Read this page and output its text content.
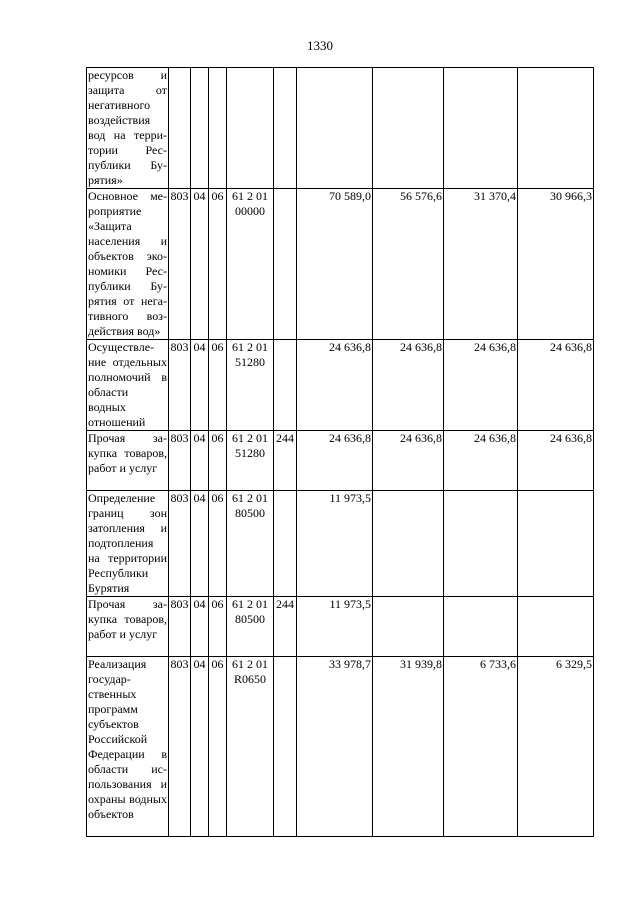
1330
ресурсов и защита от негативного воздействия вод на территории Республики Бурятия»									
Основное мероприятие «Защита населения и объектов экономики Республики Бурятия от негативного воздействия вод»	803	04	06	61 2 01 00000		70 589,0	56 576,6	31 370,4	30 966,3
Осуществление отдельных полномочий в области водных отношений	803	04	06	61 2 01 51280		24 636,8	24 636,8	24 636,8	24 636,8
Прочая закупка товаров, работ и услуг	803	04	06	61 2 01 51280	244	24 636,8	24 636,8	24 636,8	24 636,8
Определение границ зон затопления и подтопления на территории Республики Бурятия	803	04	06	61 2 01 80500		11 973,5			
Прочая закупка товаров, работ и услуг	803	04	06	61 2 01 80500	244	11 973,5			
Реализация государственных программ субъектов Российской Федерации в области использования и охраны водных объектов	803	04	06	61 2 01 R0650		33 978,7	31 939,8	6 733,6	6 329,5
